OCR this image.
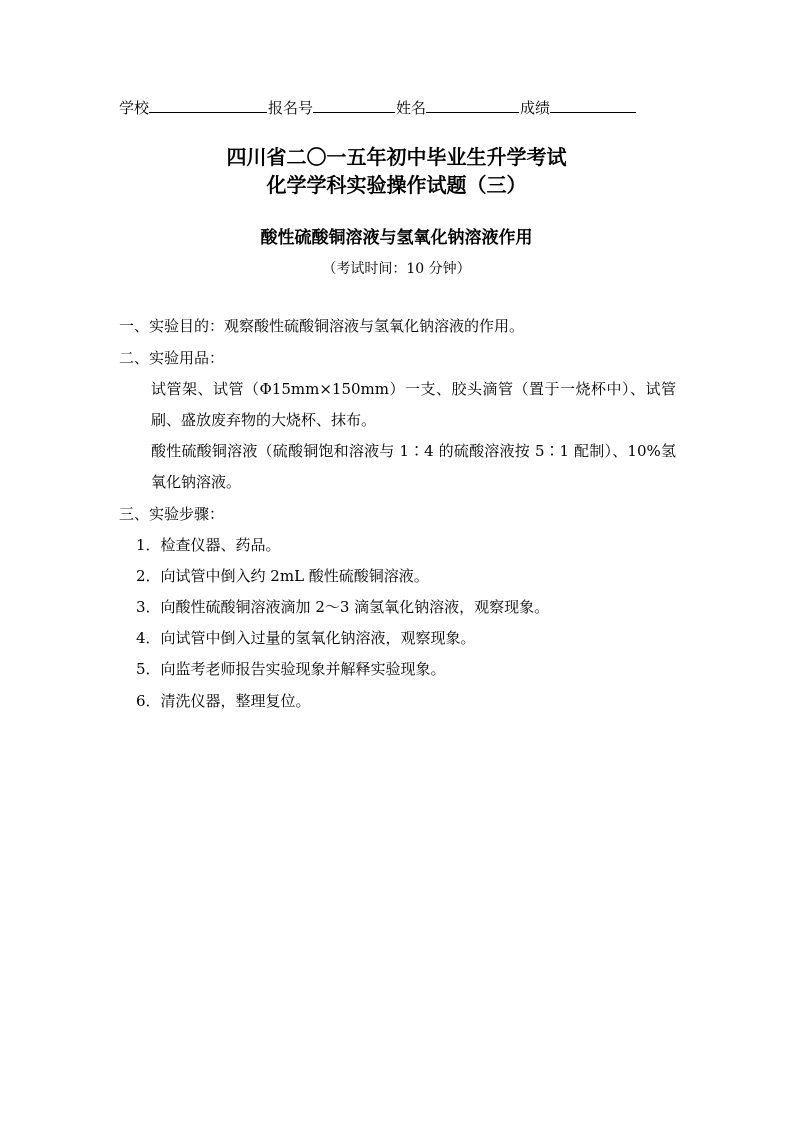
学校	报名号	姓名	成绩
四川省二〇一五年初中毕业生升学考试
化学学科实验操作试题（三）
酸性硫酸铜溶液与氢氧化钠溶液作用
（考试时间：10 分钟）
一、实验目的：观察酸性硫酸铜溶液与氢氧化钠溶液的作用。
二、实验用品：
试管架、试管（Φ15mm×150mm）一支、胶头滴管（置于一烧杯中）、试管刷、盛放废弃物的大烧杯、抹布。
酸性硫酸铜溶液（硫酸铜饱和溶液与 1∶4 的硫酸溶液按 5∶1 配制）、10%氢氧化钠溶液。
三、实验步骤：
1．检查仪器、药品。
2．向试管中倒入约 2mL 酸性硫酸铜溶液。
3．向酸性硫酸铜溶液滴加 2～3 滴氢氧化钠溶液，观察现象。
4．向试管中倒入过量的氢氧化钠溶液，观察现象。
5．向监考老师报告实验现象并解释实验现象。
6．清洗仪器，整理复位。
